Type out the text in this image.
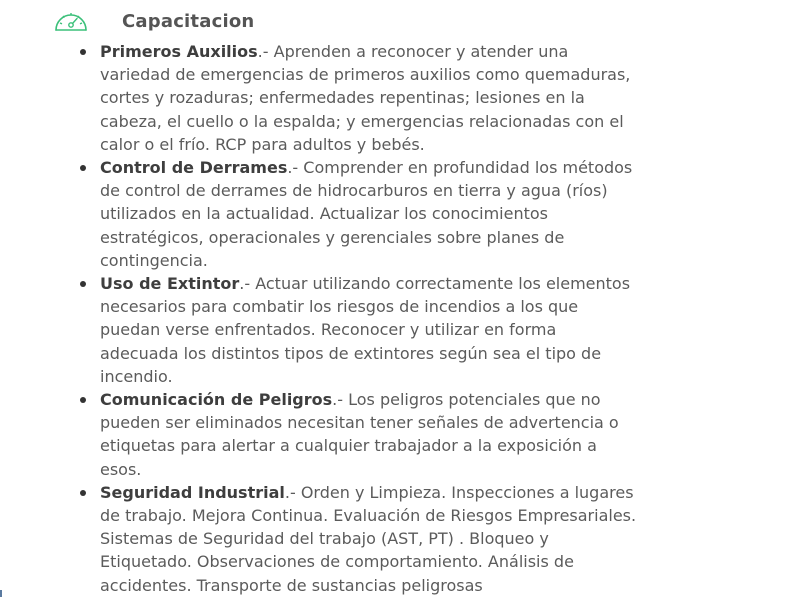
Capacitacion
Primeros Auxilios.- Aprenden a reconocer y atender una variedad de emergencias de primeros auxilios como quemaduras, cortes y rozaduras; enfermedades repentinas; lesiones en la cabeza, el cuello o la espalda; y emergencias relacionadas con el calor o el frío. RCP para adultos y bebés.
Control de Derrames.- Comprender en profundidad los métodos de control de derrames de hidrocarburos en tierra y agua (ríos) utilizados en la actualidad. Actualizar los conocimientos estratégicos, operacionales y gerenciales sobre planes de contingencia.
Uso de Extintor.- Actuar utilizando correctamente los elementos necesarios para combatir los riesgos de incendios a los que puedan verse enfrentados. Reconocer y utilizar en forma adecuada los distintos tipos de extintores según sea el tipo de incendio.
Comunicación de Peligros.- Los peligros potenciales que no pueden ser eliminados necesitan tener señales de advertencia o etiquetas para alertar a cualquier trabajador a la exposición a esos.
Seguridad Industrial.- Orden y Limpieza. Inspecciones a lugares de trabajo. Mejora Continua. Evaluación de Riesgos Empresariales. Sistemas de Seguridad del trabajo (AST, PT) . Bloqueo y Etiquetado. Observaciones de comportamiento. Análisis de accidentes. Transporte de sustancias peligrosas
